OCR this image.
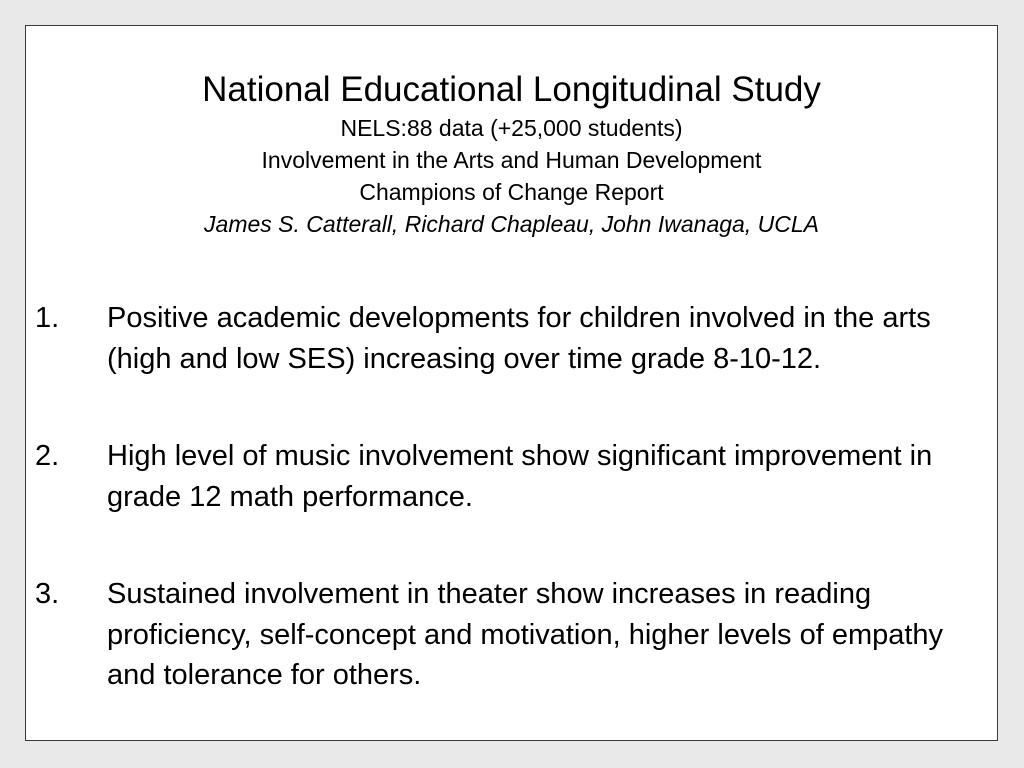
National Educational Longitudinal Study
NELS:88 data (+25,000 students)
Involvement in the Arts and Human Development
Champions of Change Report
James S. Catterall, Richard Chapleau, John Iwanaga, UCLA
1.	Positive academic developments for children involved in the arts (high and low SES) increasing over time grade 8-10-12.
2.	High level of music involvement show significant improvement in grade 12 math performance.
3.	Sustained involvement in theater show increases in reading proficiency, self-concept and motivation, higher levels of empathy and tolerance for others.
